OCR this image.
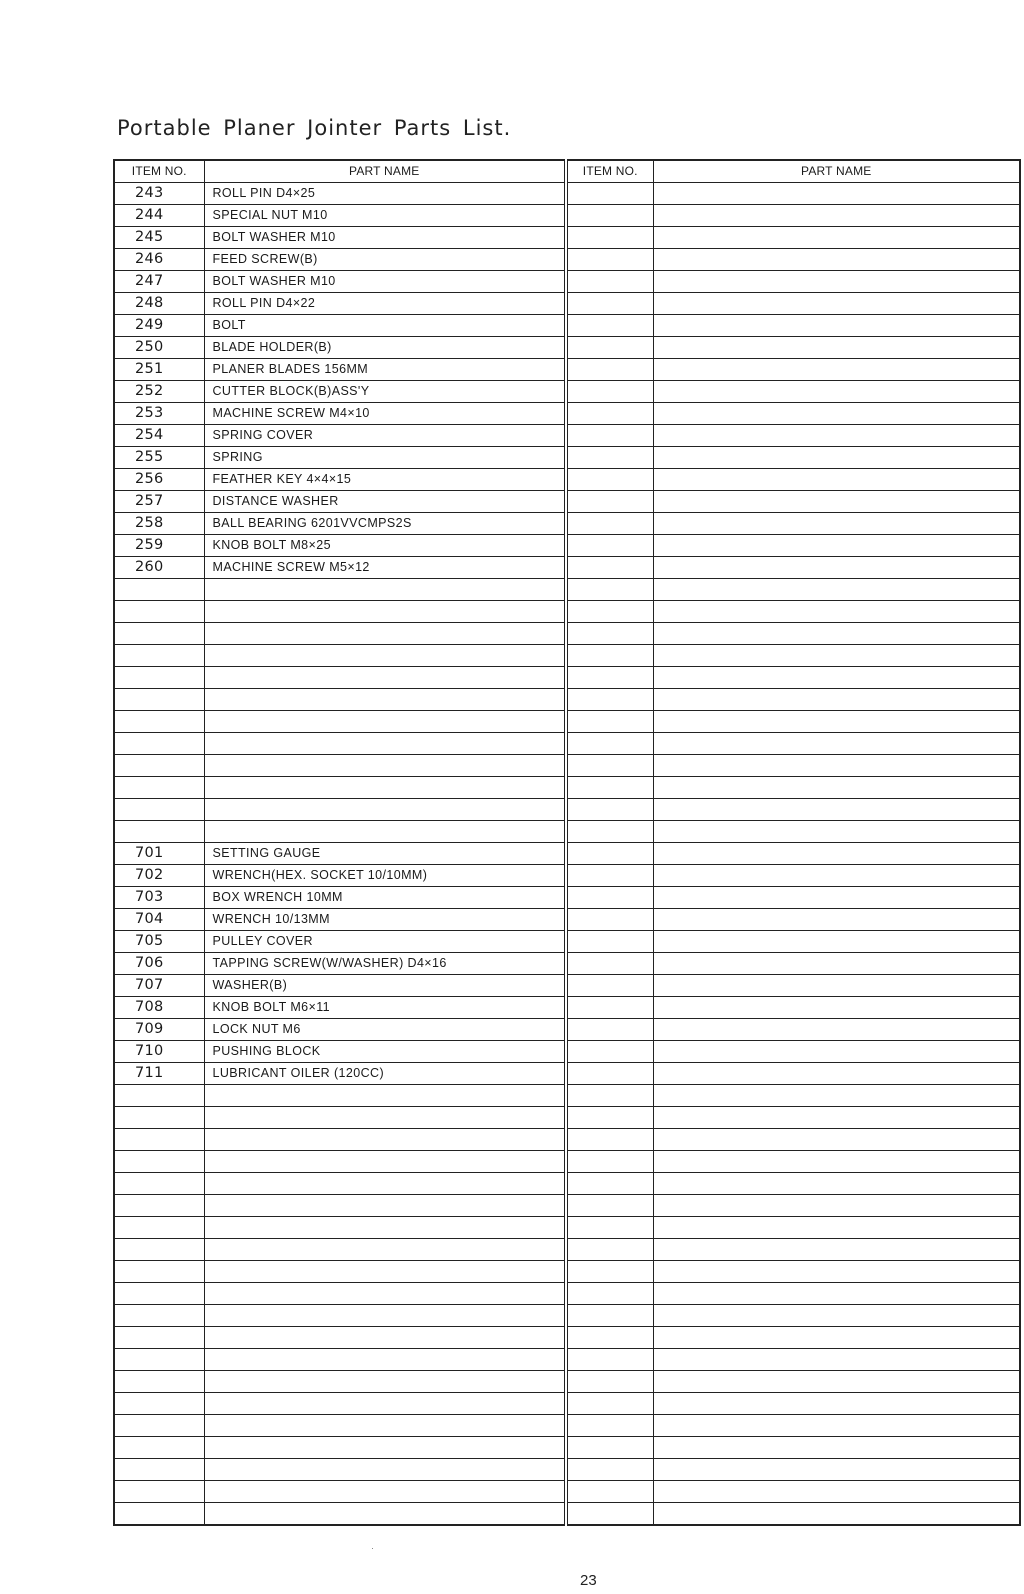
Portable Planer Jointer Parts List.
ITEM NO.	PART NAME	ITEM NO.	PART NAME
243	ROLL PIN D4×25		
244	SPECIAL NUT M10		
245	BOLT WASHER M10		
246	FEED SCREW(B)		
247	BOLT WASHER M10		
248	ROLL PIN D4×22		
249	BOLT		
250	BLADE HOLDER(B)		
251	PLANER BLADES 156MM		
252	CUTTER BLOCK(B)ASS'Y		
253	MACHINE SCREW M4×10		
254	SPRING COVER		
255	SPRING		
256	FEATHER KEY 4×4×15		
257	DISTANCE WASHER		
258	BALL BEARING 6201VVCMPS2S		
259	KNOB BOLT M8×25		
260	MACHINE SCREW M5×12		

701	SETTING GAUGE		
702	WRENCH(HEX. SOCKET 10/10MM)		
703	BOX WRENCH 10MM		
704	WRENCH 10/13MM		
705	PULLEY COVER		
706	TAPPING SCREW(W/WASHER) D4×16		
707	WASHER(B)		
708	KNOB BOLT M6×11		
709	LOCK NUT M6		
710	PUSHING BLOCK		
711	LUBRICANT OILER (120CC)		

23
